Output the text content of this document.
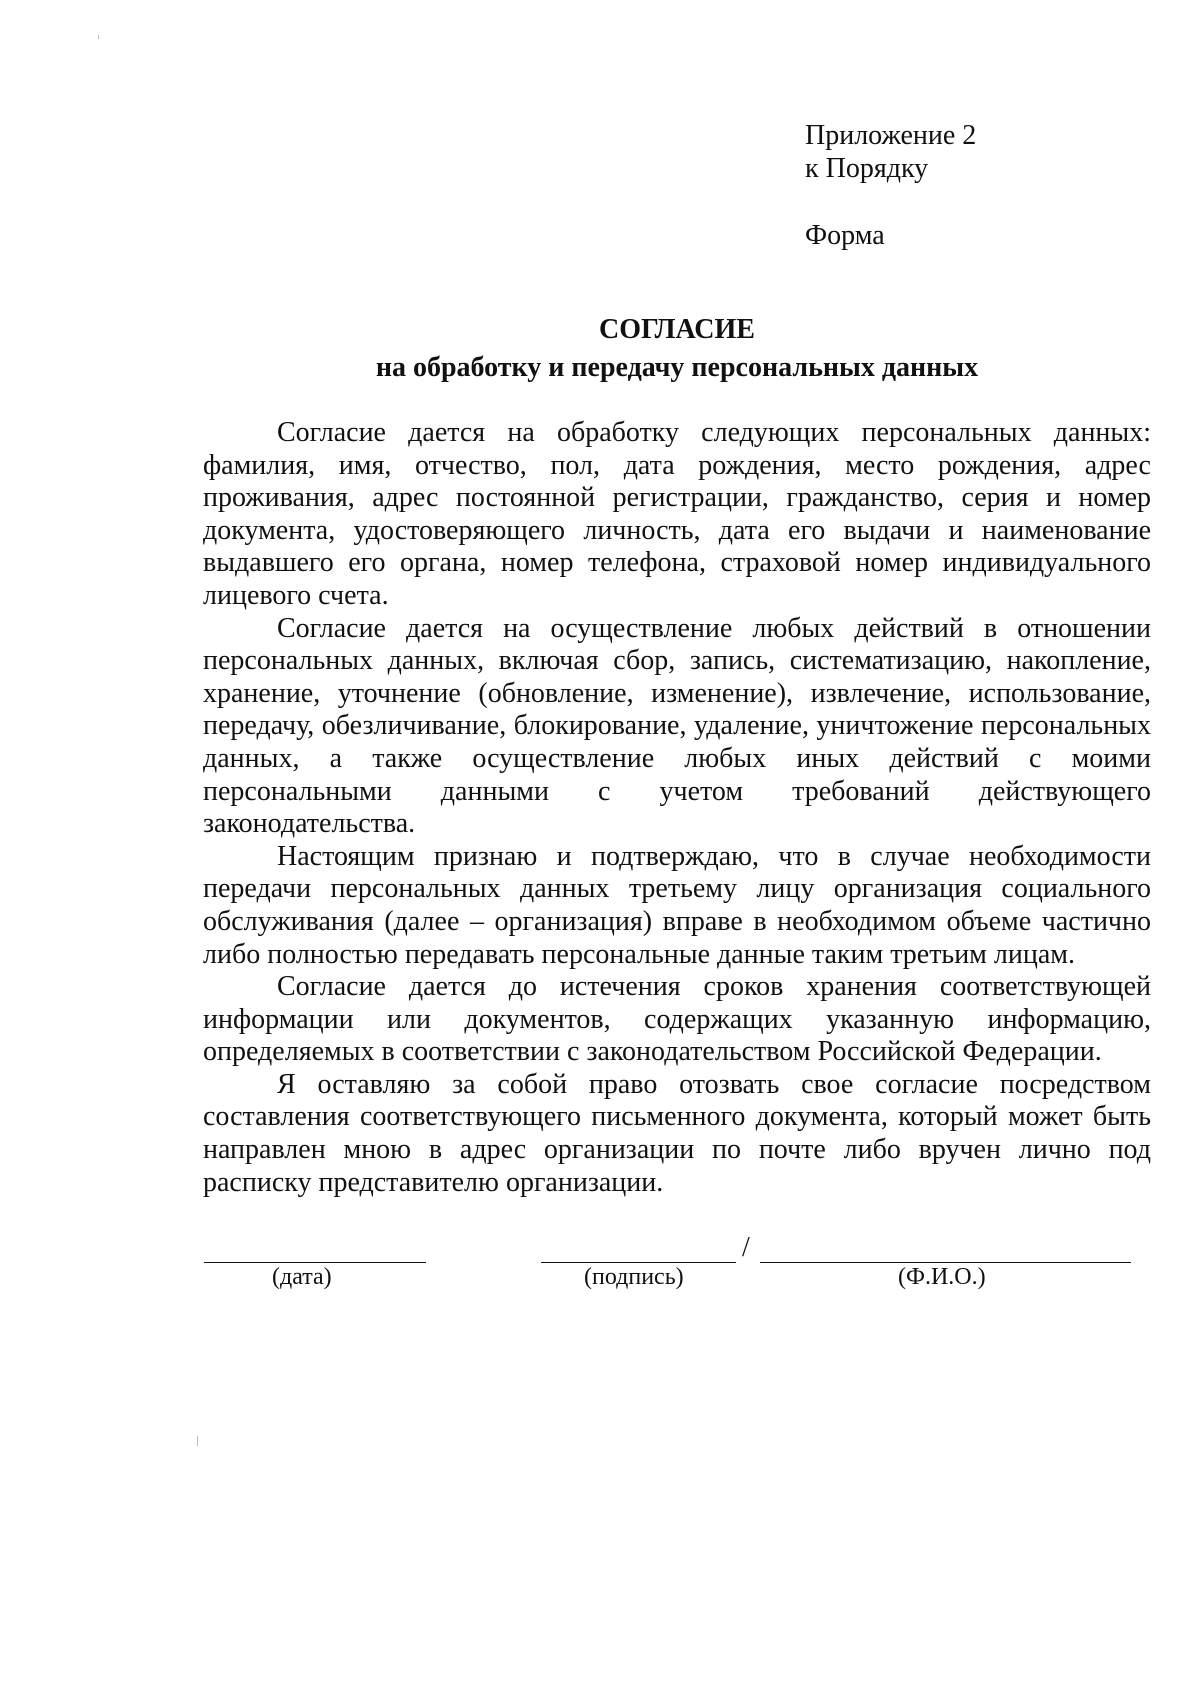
Приложение 2
к Порядку
Форма
СОГЛАСИЕ
на обработку и передачу персональных данных

Согласие дается на обработку следующих персональных данных: фамилия, имя, отчество, пол, дата рождения, место рождения, адрес проживания, адрес постоянной регистрации, гражданство, серия и номер документа, удостоверяющего личность, дата его выдачи и наименование выдавшего его органа, номер телефона, страховой номер индивидуального лицевого счета.

Согласие дается на осуществление любых действий в отношении персональных данных, включая сбор, запись, систематизацию, накопление, хранение, уточнение (обновление, изменение), извлечение, использование, передачу, обезличивание, блокирование, удаление, уничтожение персональных данных, а также осуществление любых иных действий с моими персональными данными с учетом требований действующего законодательства.

Настоящим признаю и подтверждаю, что в случае необходимости передачи персональных данных третьему лицу организация социального обслуживания (далее – организация) вправе в необходимом объеме частично либо полностью передавать персональные данные таким третьим лицам.

Согласие дается до истечения сроков хранения соответствующей информации или документов, содержащих указанную информацию, определяемых в соответствии с законодательством Российской Федерации.

Я оставляю за собой право отозвать свое согласие посредством составления соответствующего письменного документа, который может быть направлен мною в адрес организации по почте либо вручен лично под расписку представителю организации.

/
(дата)	(подпись)	(Ф.И.О.)
